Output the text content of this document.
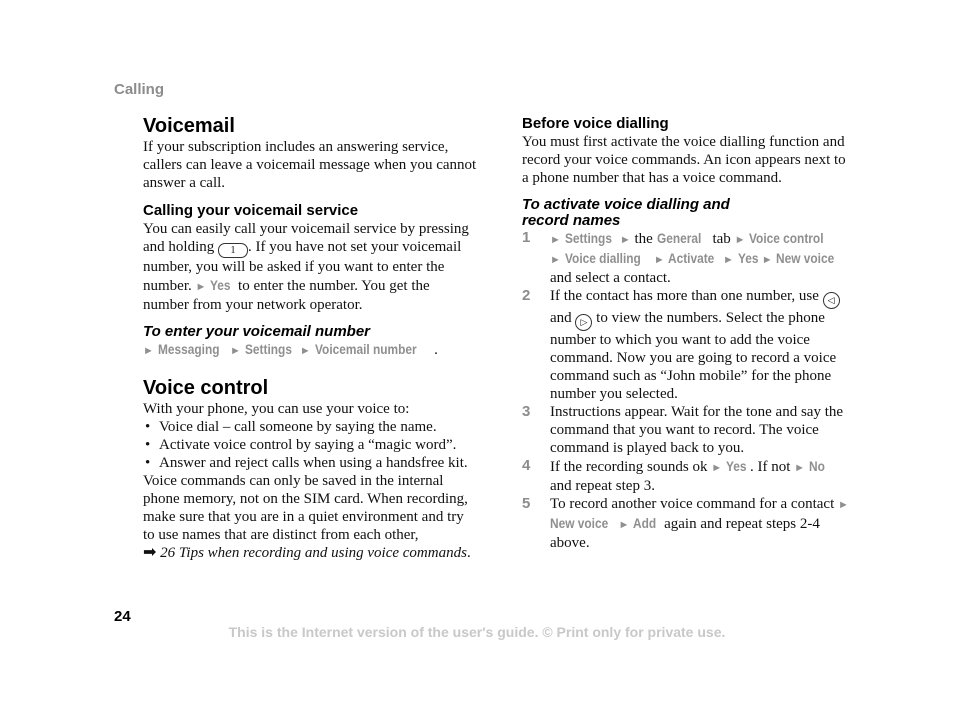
Calling
Voicemail

If your subscription includes an answering service, callers can leave a voicemail message when you cannot answer a call.

Calling your voicemail service

You can easily call your voicemail service by pressing and holding 1 . If you have not set your voicemail number, you will be asked if you want to enter the number. ► Yes to enter the number. You get the number from your network operator.

To enter your voicemail number

► Messaging ► Settings ► Voicemail number .

Voice control

With your phone, you can use your voice to:

• Voice dial – call someone by saying the name.
• Activate voice control by saying a “magic word”.
• Answer and reject calls when using a handsfree kit.

Voice commands can only be saved in the internal phone memory, not on the SIM card. When recording, make sure that you are in a quiet environment and try to use names that are distinct from each other,

➡ 26 Tips when recording and using voice commands.

Before voice dialling

You must first activate the voice dialling function and record your voice commands. An icon appears next to a phone number that has a voice command.

To activate voice dialling and
record names
1 ► Settings ► the General tab ► Voice control
► Voice dialling ► Activate ► Yes ► New voice
and select a contact.
2 If the contact has more than one number, use ◁ and ▷ to view the numbers. Select the phone number to which you want to add the voice command. Now you are going to record a voice command such as “John mobile” for the phone number you selected.
3 Instructions appear. Wait for the tone and say the command that you want to record. The voice command is played back to you.
4 If the recording sounds ok ► Yes . If not ► No and repeat step 3.
5 To record another voice command for a contact ► New voice ► Add again and repeat steps 2-4 above.
24
This is the Internet version of the user's guide. © Print only for private use.
